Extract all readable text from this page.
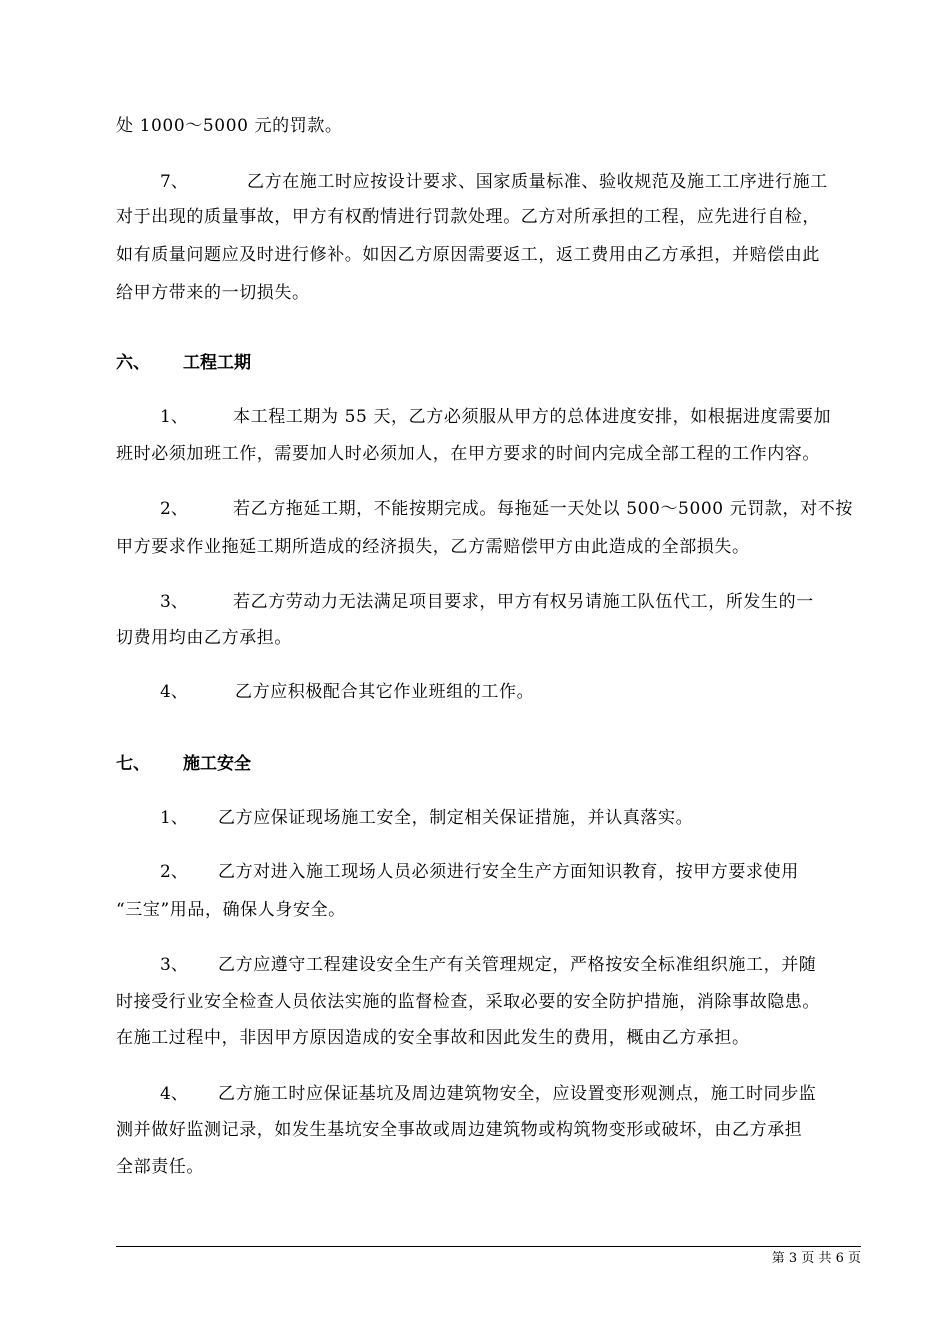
处 1000～5000 元的罚款。
7、	乙方在施工时应按设计要求、国家质量标准、验收规范及施工工序进行施工
对于出现的质量事故，甲方有权酌情进行罚款处理。乙方对所承担的工程，应先进行自检，
如有质量问题应及时进行修补。如因乙方原因需要返工，返工费用由乙方承担，并赔偿由此
给甲方带来的一切损失。
六、 工程工期
1、	本工程工期为 55 天，乙方必须服从甲方的总体进度安排，如根据进度需要加
班时必须加班工作，需要加人时必须加人，在甲方要求的时间内完成全部工程的工作内容。
2、	若乙方拖延工期，不能按期完成。每拖延一天处以 500～5000 元罚款，对不按
甲方要求作业拖延工期所造成的经济损失，乙方需赔偿甲方由此造成的全部损失。
3、	若乙方劳动力无法满足项目要求，甲方有权另请施工队伍代工，所发生的一
切费用均由乙方承担。
4、	乙方应积极配合其它作业班组的工作。
七、 施工安全
1、 乙方应保证现场施工安全，制定相关保证措施，并认真落实。
2、 乙方对进入施工现场人员必须进行安全生产方面知识教育，按甲方要求使用
“三宝”用品，确保人身安全。
3、 乙方应遵守工程建设安全生产有关管理规定，严格按安全标准组织施工，并随
时接受行业安全检查人员依法实施的监督检查，采取必要的安全防护措施，消除事故隐患。
在施工过程中，非因甲方原因造成的安全事故和因此发生的费用，概由乙方承担。
4、 乙方施工时应保证基坑及周边建筑物安全，应设置变形观测点，施工时同步监
测并做好监测记录，如发生基坑安全事故或周边建筑物或构筑物变形或破坏，由乙方承担
全部责任。
第 3 页 共 6 页
